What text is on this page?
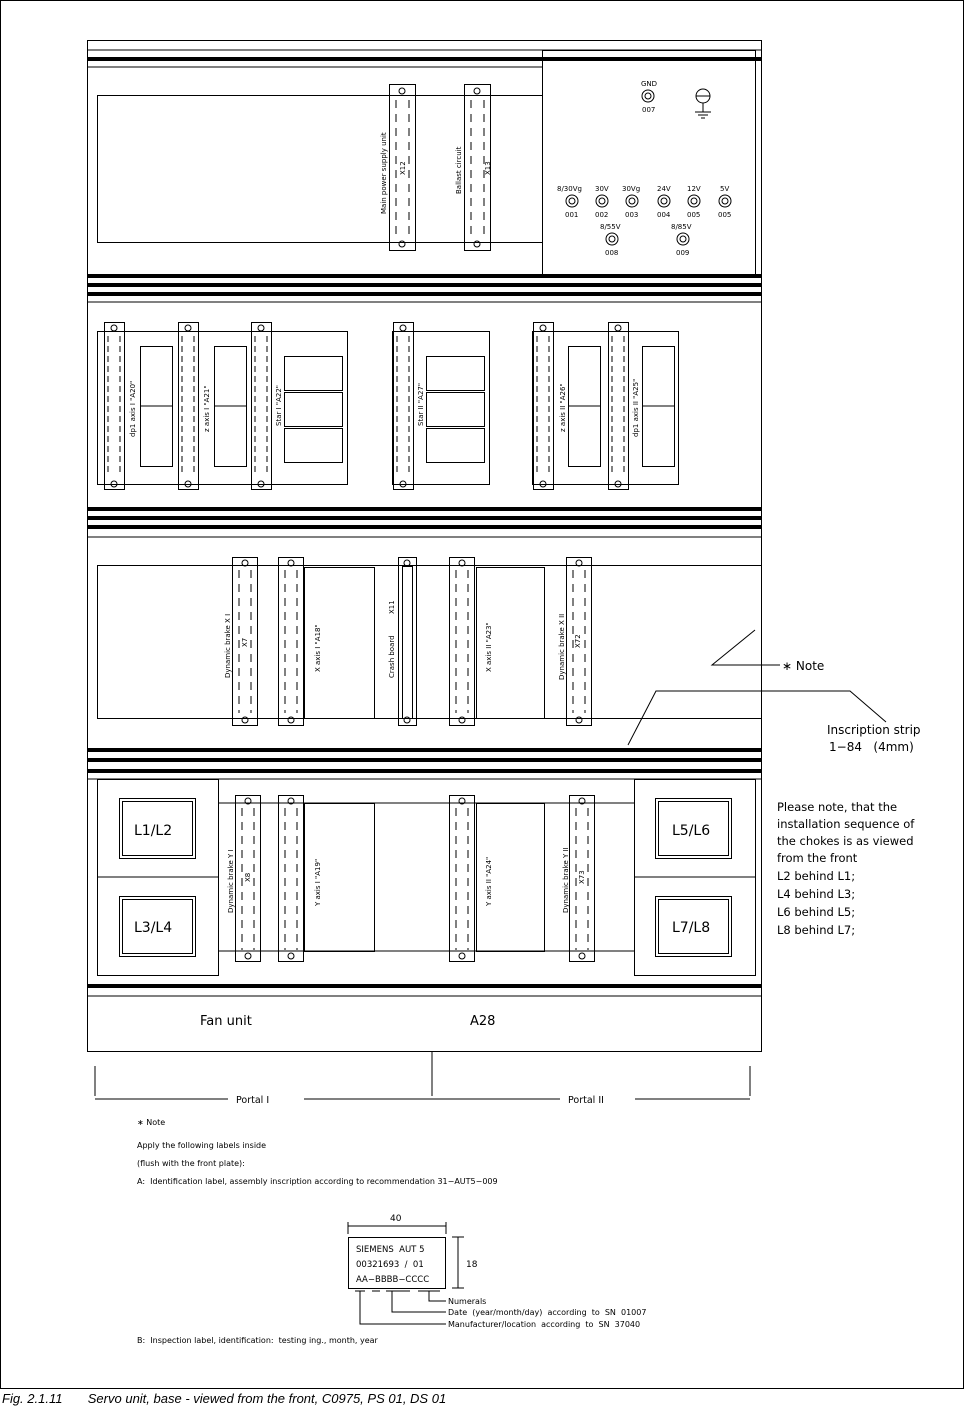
Main power supply unit X12	Ballast circuit	X13
GND
007
8/30Vg
001
30V
002
30Vg
003
24V
004
12V
005
5V
005
8/55V
008
8/85V
009
dp1 axis I "A20"	z axis I "A21"	Star I "A22"	Star II "A27"	z axis II "A26"	dp1 axis II "A25"
Dynamic brake X I X7	X axis I "A18"	Crash board
X11
X axis II "A23"	Dynamic brake X II X72
L1/L2
L3/L4
L5/L6
L7/L8
Dynamic brake Y I X8	Y axis I "A19"	Y axis II "A24"	Dynamic brake Y II X73
Fan unit	A28
∗ Note
Inscription strip
1−84   (4mm)
Please note, that the
installation sequence of
the chokes is as viewed
from the front
L2 behind L1;
L4 behind L3;
L6 behind L5;
L8 behind L7;
Portal I	Portal II
∗ Note
Apply the following labels inside
(flush with the front plate):
A:  Identification label, assembly inscription according to recommendation 31−AUT5−009
40
18
SIEMENS  AUT 5
00321693  /  01
AA−BBBB−CCCC
Numerals
Date  (year/month/day)  according  to  SN  01007
Manufacturer/location  according  to  SN  37040
B:  Inspection label, identification:  testing ing., month, year
Fig. 2.1.11 Servo unit, base - viewed from the front, C0975, PS 01, DS 01
